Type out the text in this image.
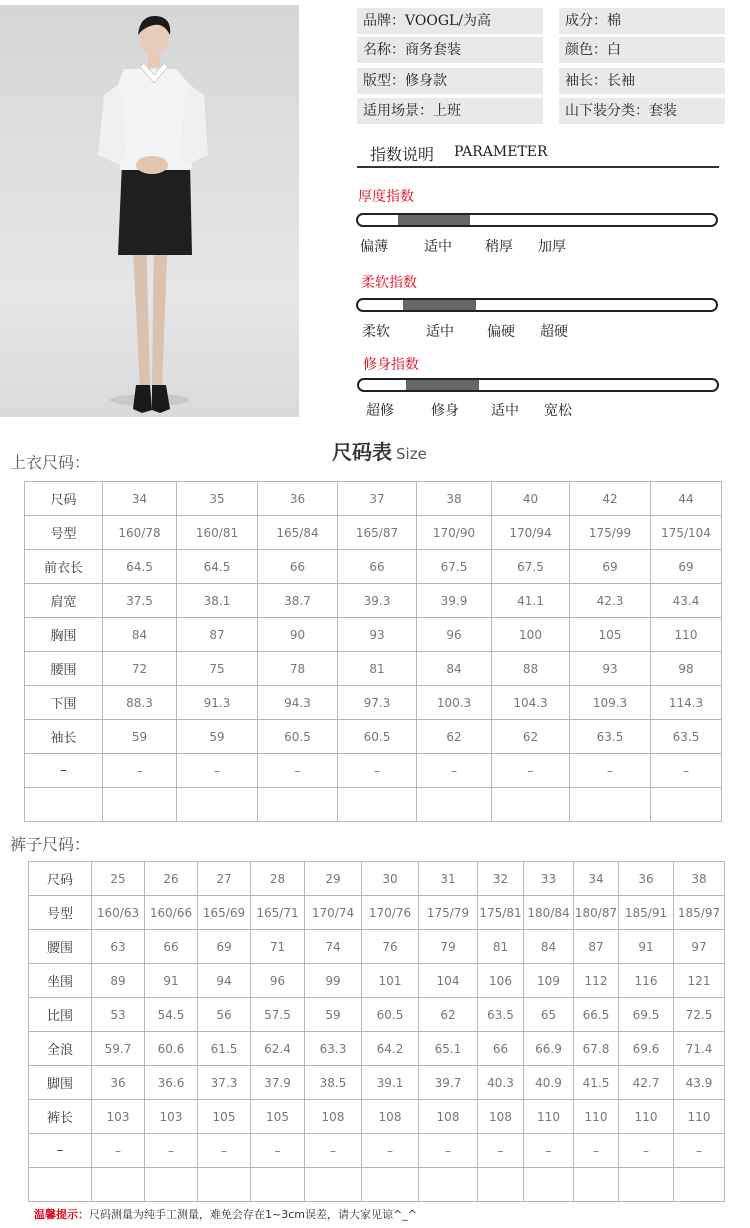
品牌：VOOGL/为高	成分：棉
名称：商务套装	颜色：白
版型：修身款	袖长：长袖
适用场景：上班	山下装分类：套装
指数说明 PARAMETER
厚度指数
偏薄	适中 稍厚 加厚
柔软指数
柔软	适中 偏硬 超硬
修身指数
超修	修身 适中 宽松
尺码表 Size
上衣尺码：
尺码	34	35	36	37	38	40	42	44
号型	160/78	160/81	165/84	165/87	170/90	170/94	175/99	175/104
前衣长	64.5	64.5	66	66	67.5	67.5	69	69
肩宽	37.5	38.1	38.7	39.3	39.9	41.1	42.3	43.4
胸围	84	87	90	93	96	100	105	110
腰围	72	75	78	81	84	88	93	98
下围	88.3	91.3	94.3	97.3	100.3	104.3	109.3	114.3
袖长	59	59	60.5	60.5	62	62	63.5	63.5
–	–	–	–	–	–	–	–	–

裤子尺码：
尺码	25	26	27	28	29	30	31	32	33	34	36	38
号型	160/63	160/66	165/69	165/71	170/74	170/76	175/79	175/81	180/84	180/87	185/91	185/97
腰围	63	66	69	71	74	76	79	81	84	87	91	97
坐围	89	91	94	96	99	101	104	106	109	112	116	121
比围	53	54.5	56	57.5	59	60.5	62	63.5	65	66.5	69.5	72.5
全浪	59.7	60.6	61.5	62.4	63.3	64.2	65.1	66	66.9	67.8	69.6	71.4
脚围	36	36.6	37.3	37.9	38.5	39.1	39.7	40.3	40.9	41.5	42.7	43.9
裤长	103	103	105	105	108	108	108	108	110	110	110	110
–	–	–	–	–	–	–	–	–	–	–	–	–

温馨提示：尺码测量为纯手工测量，难免会存在1~3cm误差，请大家见谅^_^
